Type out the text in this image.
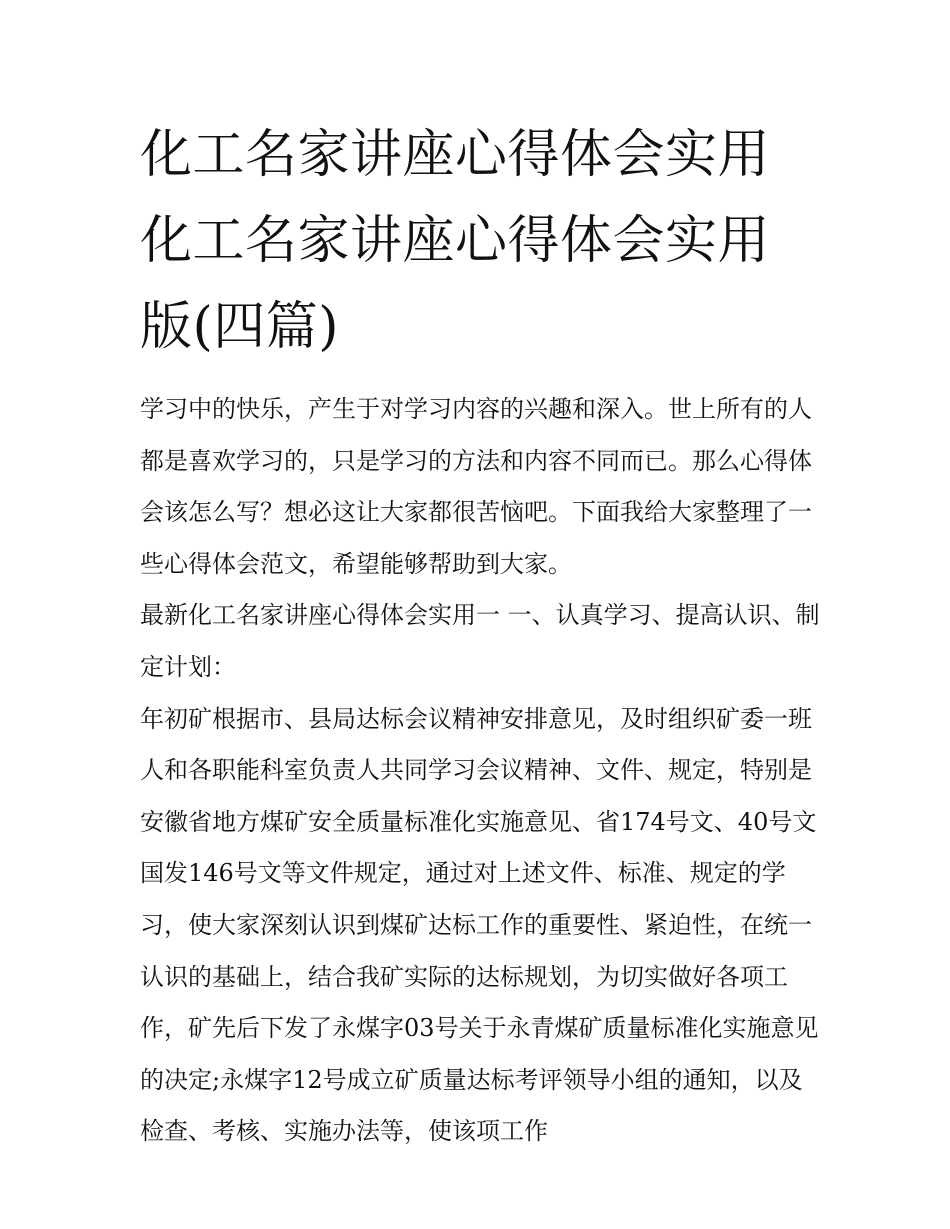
化工名家讲座心得体会实用 化工名家讲座心得体会实用版(四篇)

学习中的快乐，产生于对学习内容的兴趣和深入。世上所有的人都是喜欢学习的，只是学习的方法和内容不同而已。那么心得体会该怎么写？想必这让大家都很苦恼吧。下面我给大家整理了一些心得体会范文，希望能够帮助到大家。

最新化工名家讲座心得体会实用一 一、认真学习、提高认识、制定计划：

年初矿根据市、县局达标会议精神安排意见，及时组织矿委一班人和各职能科室负责人共同学习会议精神、文件、规定，特别是安徽省地方煤矿安全质量标准化实施意见、省174号文、40号文国发146号文等文件规定，通过对上述文件、标准、规定的学习，使大家深刻认识到煤矿达标工作的重要性、紧迫性，在统一认识的基础上，结合我矿实际的达标规划，为切实做好各项工作，矿先后下发了永煤字03号关于永青煤矿质量标准化实施意见的决定;永煤字12号成立矿质量达标考评领导小组的通知，以及检查、考核、实施办法等，使该项工作
